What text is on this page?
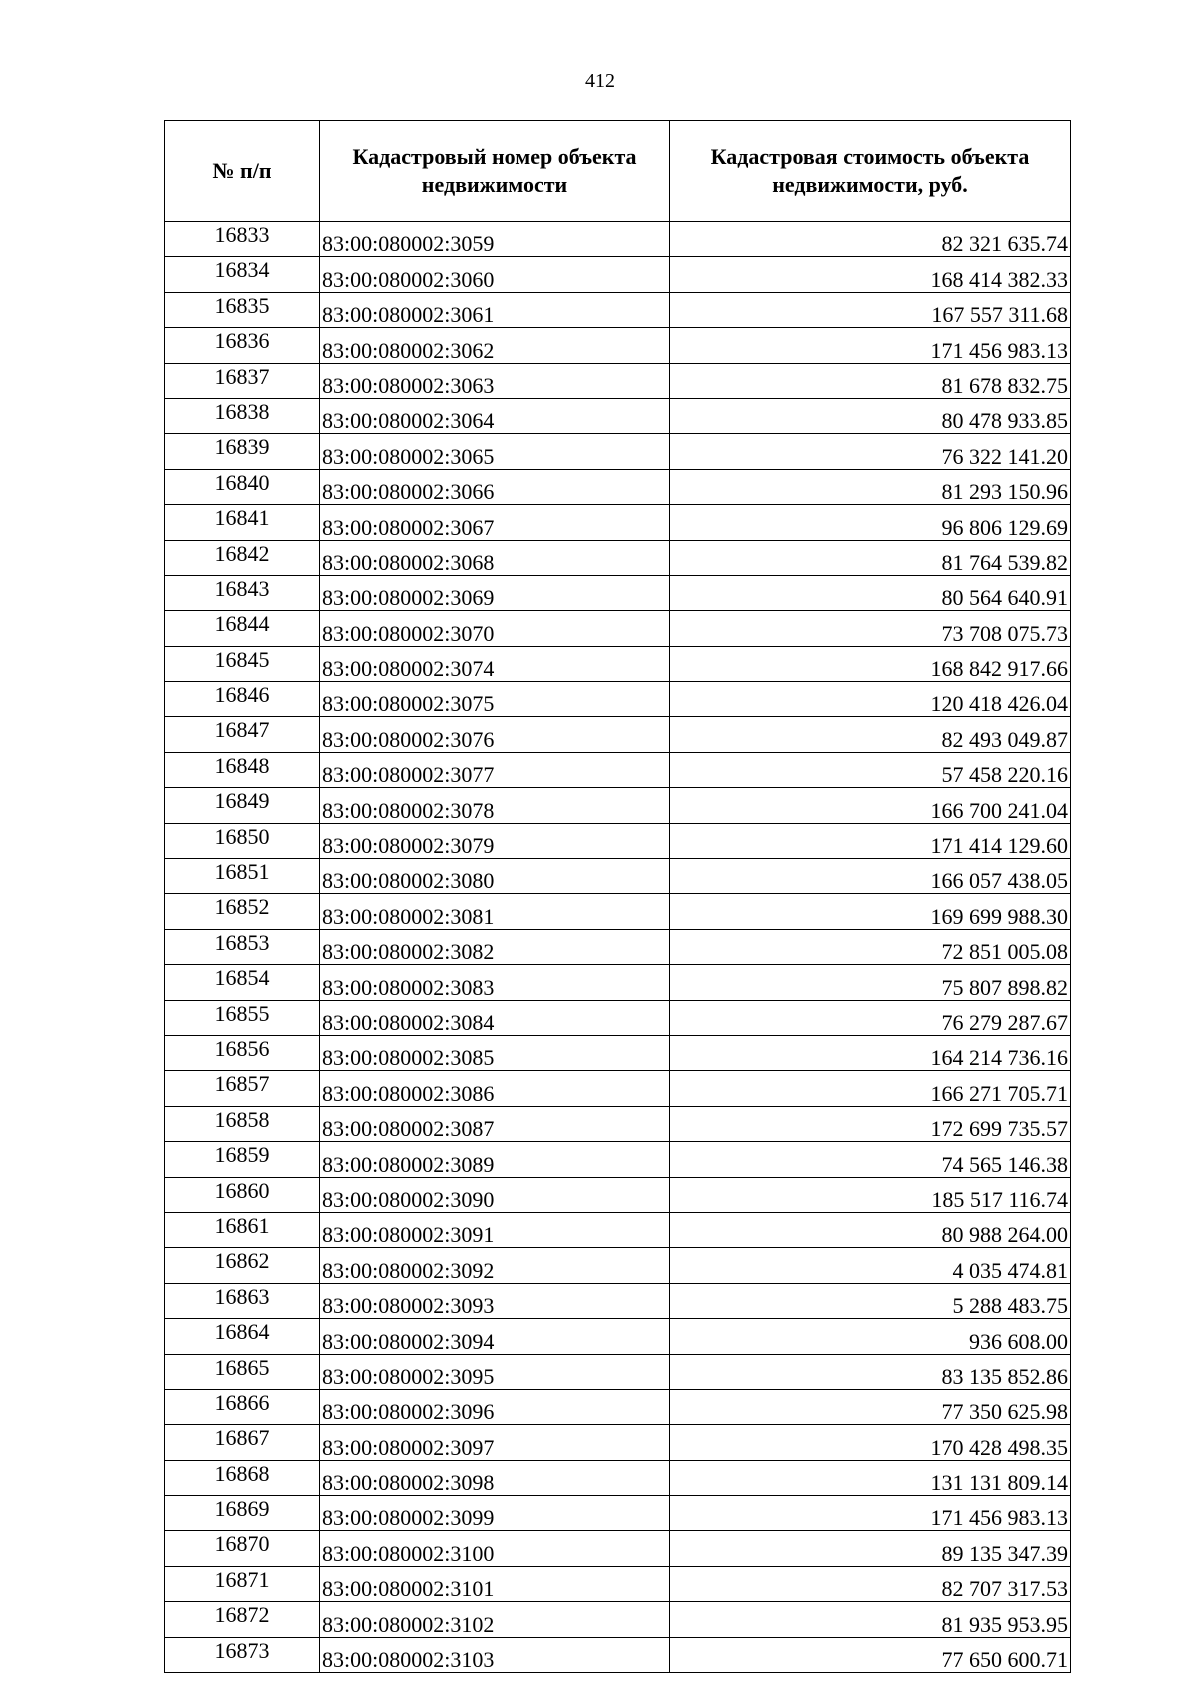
412
№ п/п	Кадастровый номер объекта недвижимости	Кадастровая стоимость объекта недвижимости, руб.
16833	83:00:080002:3059	82 321 635.74
16834	83:00:080002:3060	168 414 382.33
16835	83:00:080002:3061	167 557 311.68
16836	83:00:080002:3062	171 456 983.13
16837	83:00:080002:3063	81 678 832.75
16838	83:00:080002:3064	80 478 933.85
16839	83:00:080002:3065	76 322 141.20
16840	83:00:080002:3066	81 293 150.96
16841	83:00:080002:3067	96 806 129.69
16842	83:00:080002:3068	81 764 539.82
16843	83:00:080002:3069	80 564 640.91
16844	83:00:080002:3070	73 708 075.73
16845	83:00:080002:3074	168 842 917.66
16846	83:00:080002:3075	120 418 426.04
16847	83:00:080002:3076	82 493 049.87
16848	83:00:080002:3077	57 458 220.16
16849	83:00:080002:3078	166 700 241.04
16850	83:00:080002:3079	171 414 129.60
16851	83:00:080002:3080	166 057 438.05
16852	83:00:080002:3081	169 699 988.30
16853	83:00:080002:3082	72 851 005.08
16854	83:00:080002:3083	75 807 898.82
16855	83:00:080002:3084	76 279 287.67
16856	83:00:080002:3085	164 214 736.16
16857	83:00:080002:3086	166 271 705.71
16858	83:00:080002:3087	172 699 735.57
16859	83:00:080002:3089	74 565 146.38
16860	83:00:080002:3090	185 517 116.74
16861	83:00:080002:3091	80 988 264.00
16862	83:00:080002:3092	4 035 474.81
16863	83:00:080002:3093	5 288 483.75
16864	83:00:080002:3094	936 608.00
16865	83:00:080002:3095	83 135 852.86
16866	83:00:080002:3096	77 350 625.98
16867	83:00:080002:3097	170 428 498.35
16868	83:00:080002:3098	131 131 809.14
16869	83:00:080002:3099	171 456 983.13
16870	83:00:080002:3100	89 135 347.39
16871	83:00:080002:3101	82 707 317.53
16872	83:00:080002:3102	81 935 953.95
16873	83:00:080002:3103	77 650 600.71
